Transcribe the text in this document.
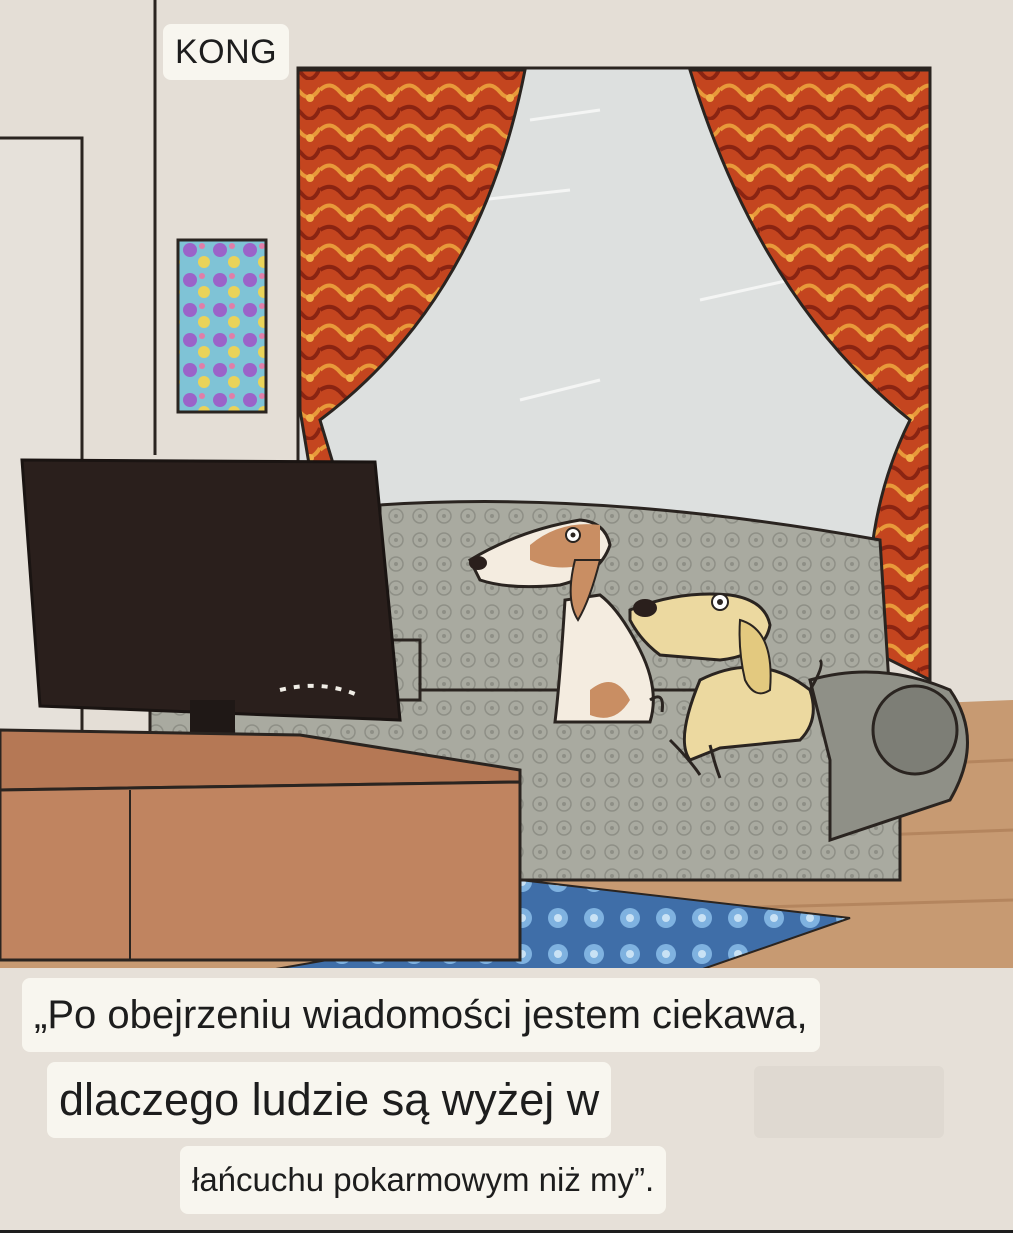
KONG
„Po obejrzeniu wiadomości jestem ciekawa,
dlaczego ludzie są wyżej w
łańcuchu pokarmowym niż my”.
